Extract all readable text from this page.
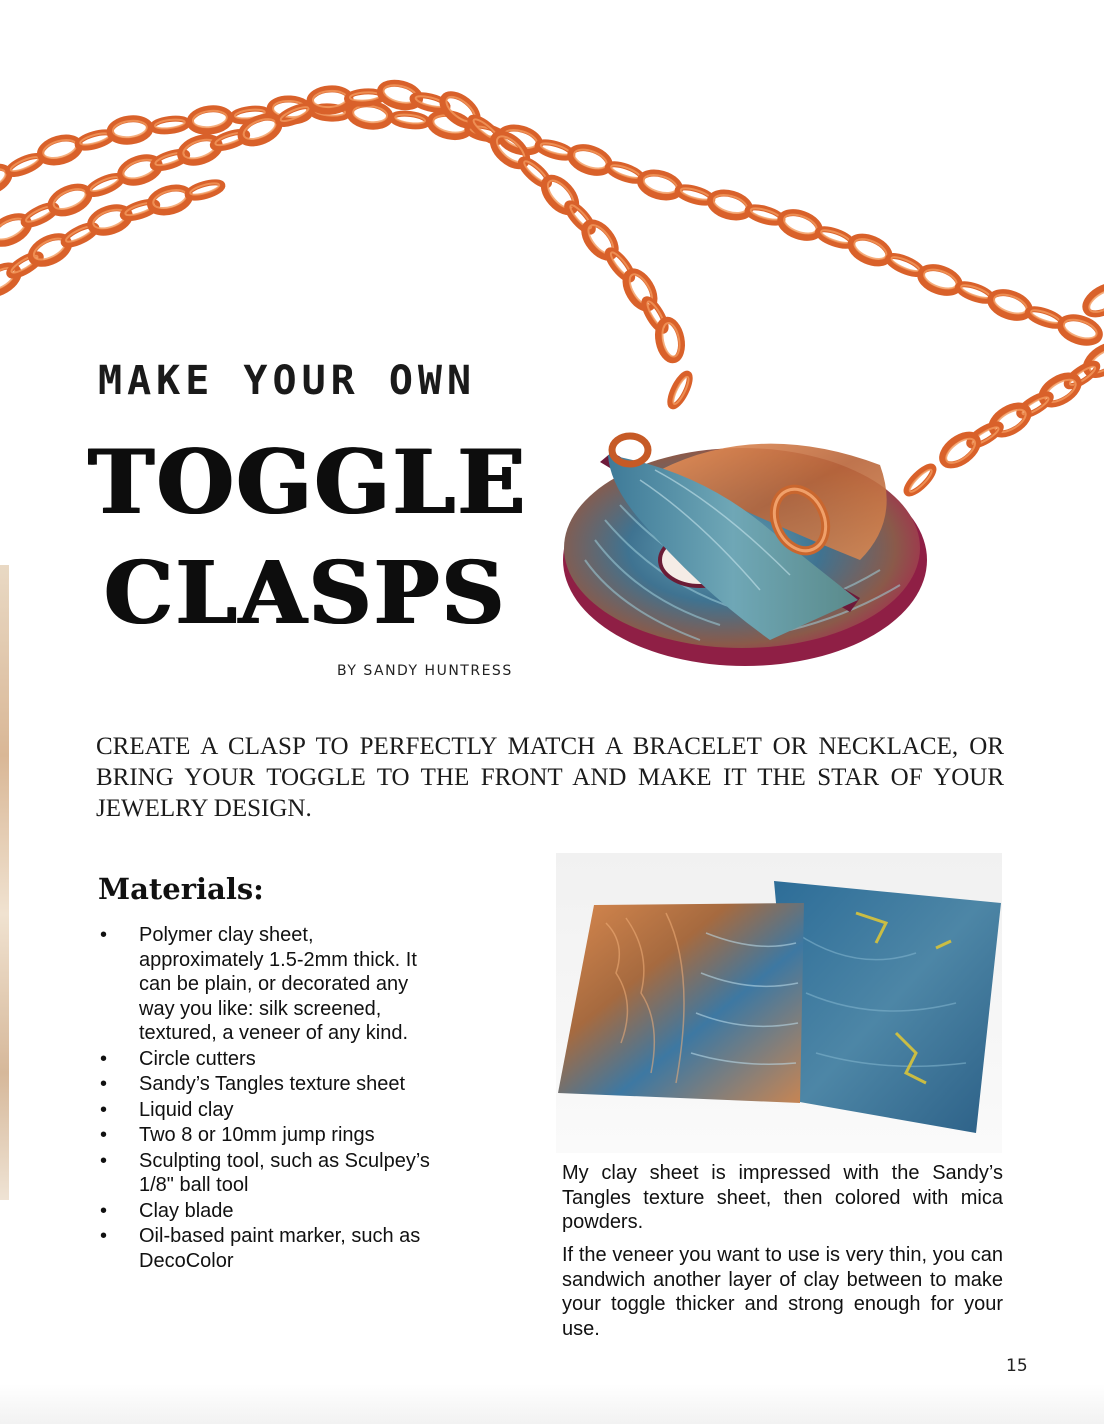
MAKE YOUR OWN

TOGGLE
CLASPS

BY SANDY HUNTRESS

CREATE A CLASP TO PERFECTLY MATCH A BRACELET OR NECKLACE, OR BRING YOUR TOGGLE TO THE FRONT AND MAKE IT THE STAR OF YOUR JEWELRY DESIGN.

Materials:
• Polymer clay sheet, approximately 1.5-2mm thick. It can be plain, or decorated any way you like: silk screened, textured, a veneer of any kind.
• Circle cutters
• Sandy’s Tangles texture sheet
• Liquid clay
• Two 8 or 10mm jump rings
• Sculpting tool, such as Sculpey’s 1/8" ball tool
• Clay blade
• Oil-based paint marker, such as DecoColor

My clay sheet is impressed with the Sandy’s Tangles texture sheet, then colored with mica powders.

If the veneer you want to use is very thin, you can sandwich another layer of clay between to make your toggle thicker and strong enough for your use.

15
